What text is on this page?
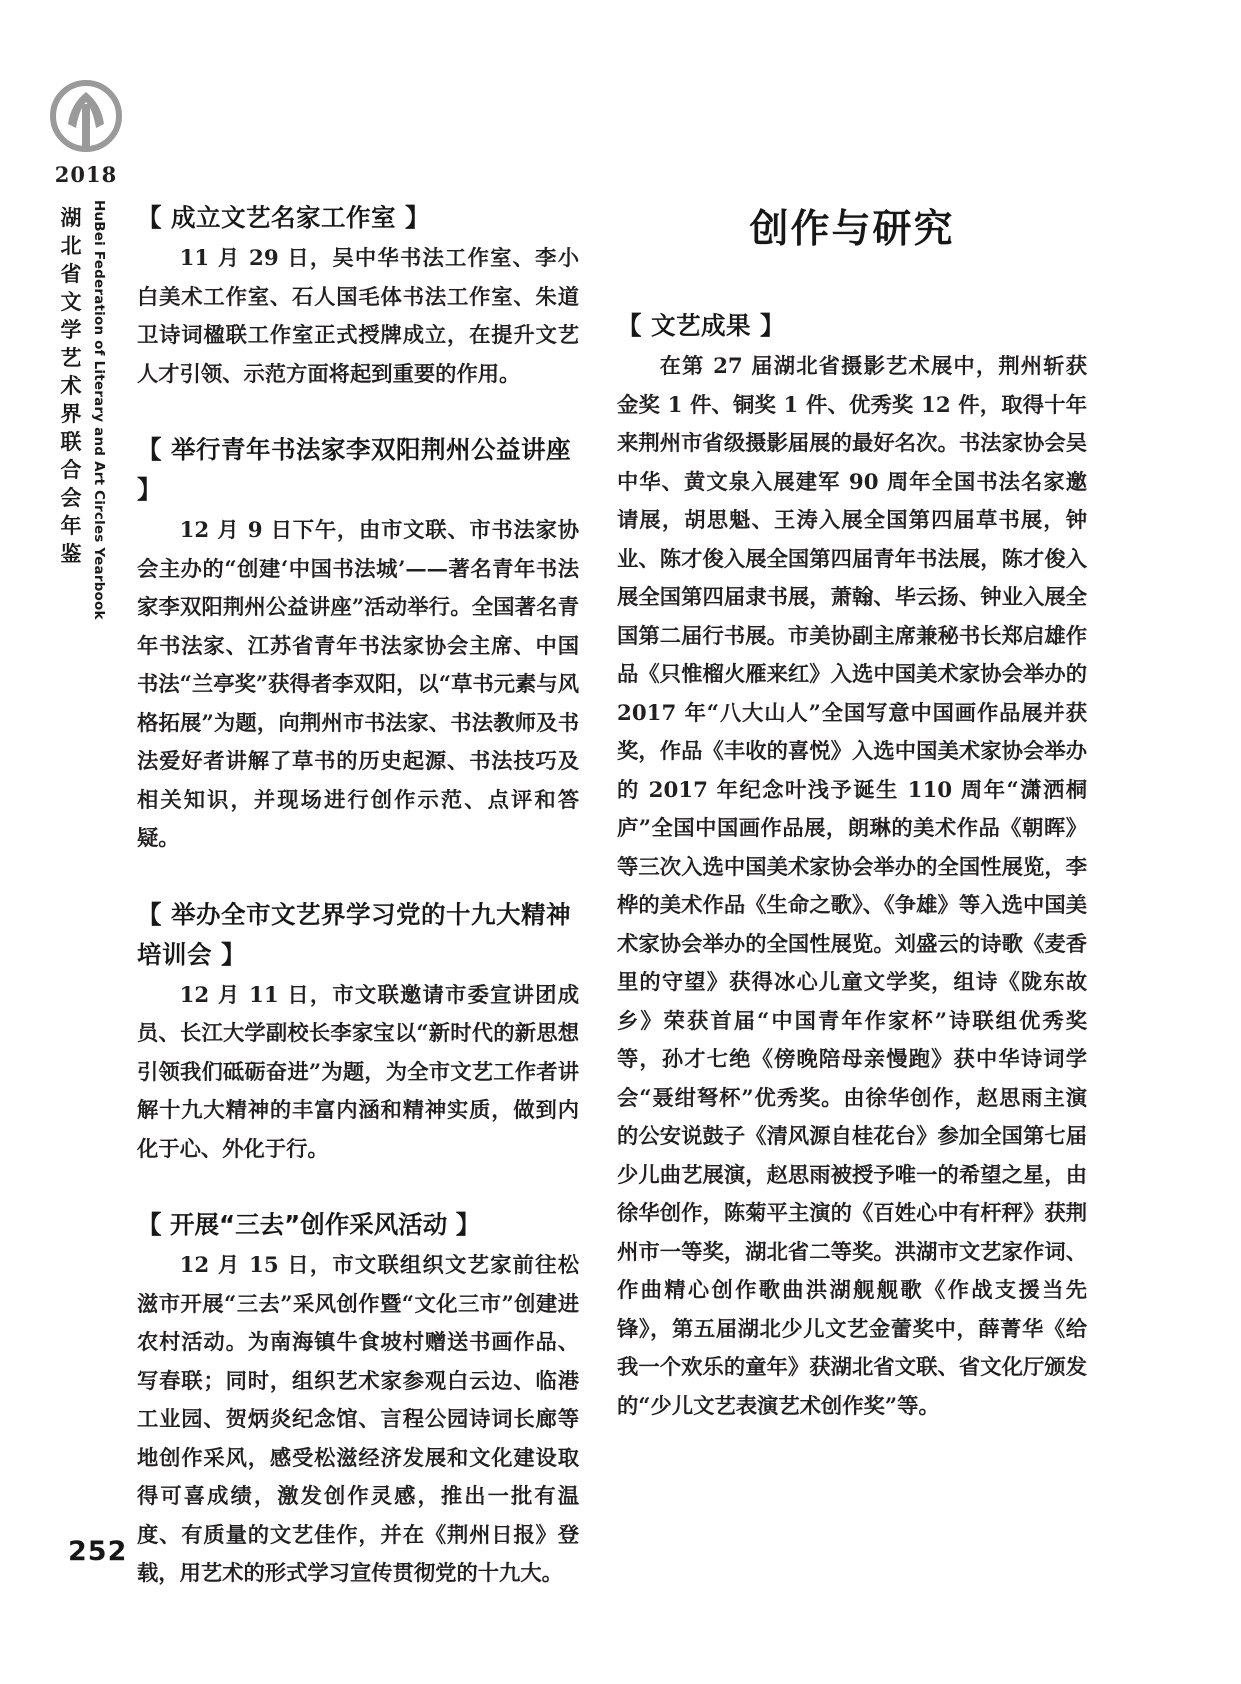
2018
湖北省文学艺术界联合会年鉴 HuBei Federation of Literary and Art Circles Yearbook 【 成立文艺名家工作室 】

11 月 29 日，吴中华书法工作室、李小白美术工作室、石人国毛体书法工作室、朱道卫诗词楹联工作室正式授牌成立，在提升文艺人才引领、示范方面将起到重要的作用。

【 举行青年书法家李双阳荆州公益讲座 】

12 月 9 日下午，由市文联、市书法家协会主办的“创建‘中国书法城’——著名青年书法家李双阳荆州公益讲座”活动举行。全国著名青年书法家、江苏省青年书法家协会主席、中国书法“兰亭奖”获得者李双阳，以“草书元素与风格拓展”为题，向荆州市书法家、书法教师及书法爱好者讲解了草书的历史起源、书法技巧及相关知识，并现场进行创作示范、点评和答疑。

【 举办全市文艺界学习党的十九大精神培训会 】

12 月 11 日，市文联邀请市委宣讲团成员、长江大学副校长李家宝以“新时代的新思想引领我们砥砺奋进”为题，为全市文艺工作者讲解十九大精神的丰富内涵和精神实质，做到内化于心、外化于行。

【 开展“三去”创作采风活动 】

12 月 15 日，市文联组织文艺家前往松滋市开展“三去”采风创作暨“文化三市”创建进农村活动。为南海镇牛食坡村赠送书画作品、写春联；同时，组织艺术家参观白云边、临港工业园、贺炳炎纪念馆、言程公园诗词长廊等地创作采风，感受松滋经济发展和文化建设取得可喜成绩，激发创作灵感，推出一批有温度、有质量的文艺佳作，并在《荆州日报》登载，用艺术的形式学习宣传贯彻党的十九大。

创作与研究
【 文艺成果 】

在第 27 届湖北省摄影艺术展中，荆州斩获金奖 1 件、铜奖 1 件、优秀奖 12 件，取得十年来荆州市省级摄影届展的最好名次。书法家协会吴中华、黄文泉入展建军 90 周年全国书法名家邀请展，胡思魁、王涛入展全国第四届草书展，钟业、陈才俊入展全国第四届青年书法展，陈才俊入展全国第四届隶书展，萧翰、毕云扬、钟业入展全国第二届行书展。市美协副主席兼秘书长郑启雄作品《只惟榴火雁来红》入选中国美术家协会举办的 2017 年“八大山人”全国写意中国画作品展并获奖，作品《丰收的喜悦》入选中国美术家协会举办的 2017 年纪念叶浅予诞生 110 周年“潇洒桐庐”全国中国画作品展，朗琳的美术作品《朝晖》等三次入选中国美术家协会举办的全国性展览，李桦的美术作品《生命之歌》、《争雄》等入选中国美术家协会举办的全国性展览。刘盛云的诗歌《麦香里的守望》获得冰心儿童文学奖，组诗《陇东故乡》荣获首届“中国青年作家杯”诗联组优秀奖等，孙才七绝《傍晚陪母亲慢跑》获中华诗词学会“聂绀弩杯”优秀奖。由徐华创作，赵思雨主演的公安说鼓子《清风源自桂花台》参加全国第七届少儿曲艺展演，赵思雨被授予唯一的希望之星，由徐华创作，陈菊平主演的《百姓心中有杆秤》获荆州市一等奖，湖北省二等奖。洪湖市文艺家作词、作曲精心创作歌曲洪湖舰舰歌《作战支援当先锋》，第五届湖北少儿文艺金蕾奖中，薛菁华《给我一个欢乐的童年》获湖北省文联、省文化厅颁发的“少儿文艺表演艺术创作奖”等。

252
